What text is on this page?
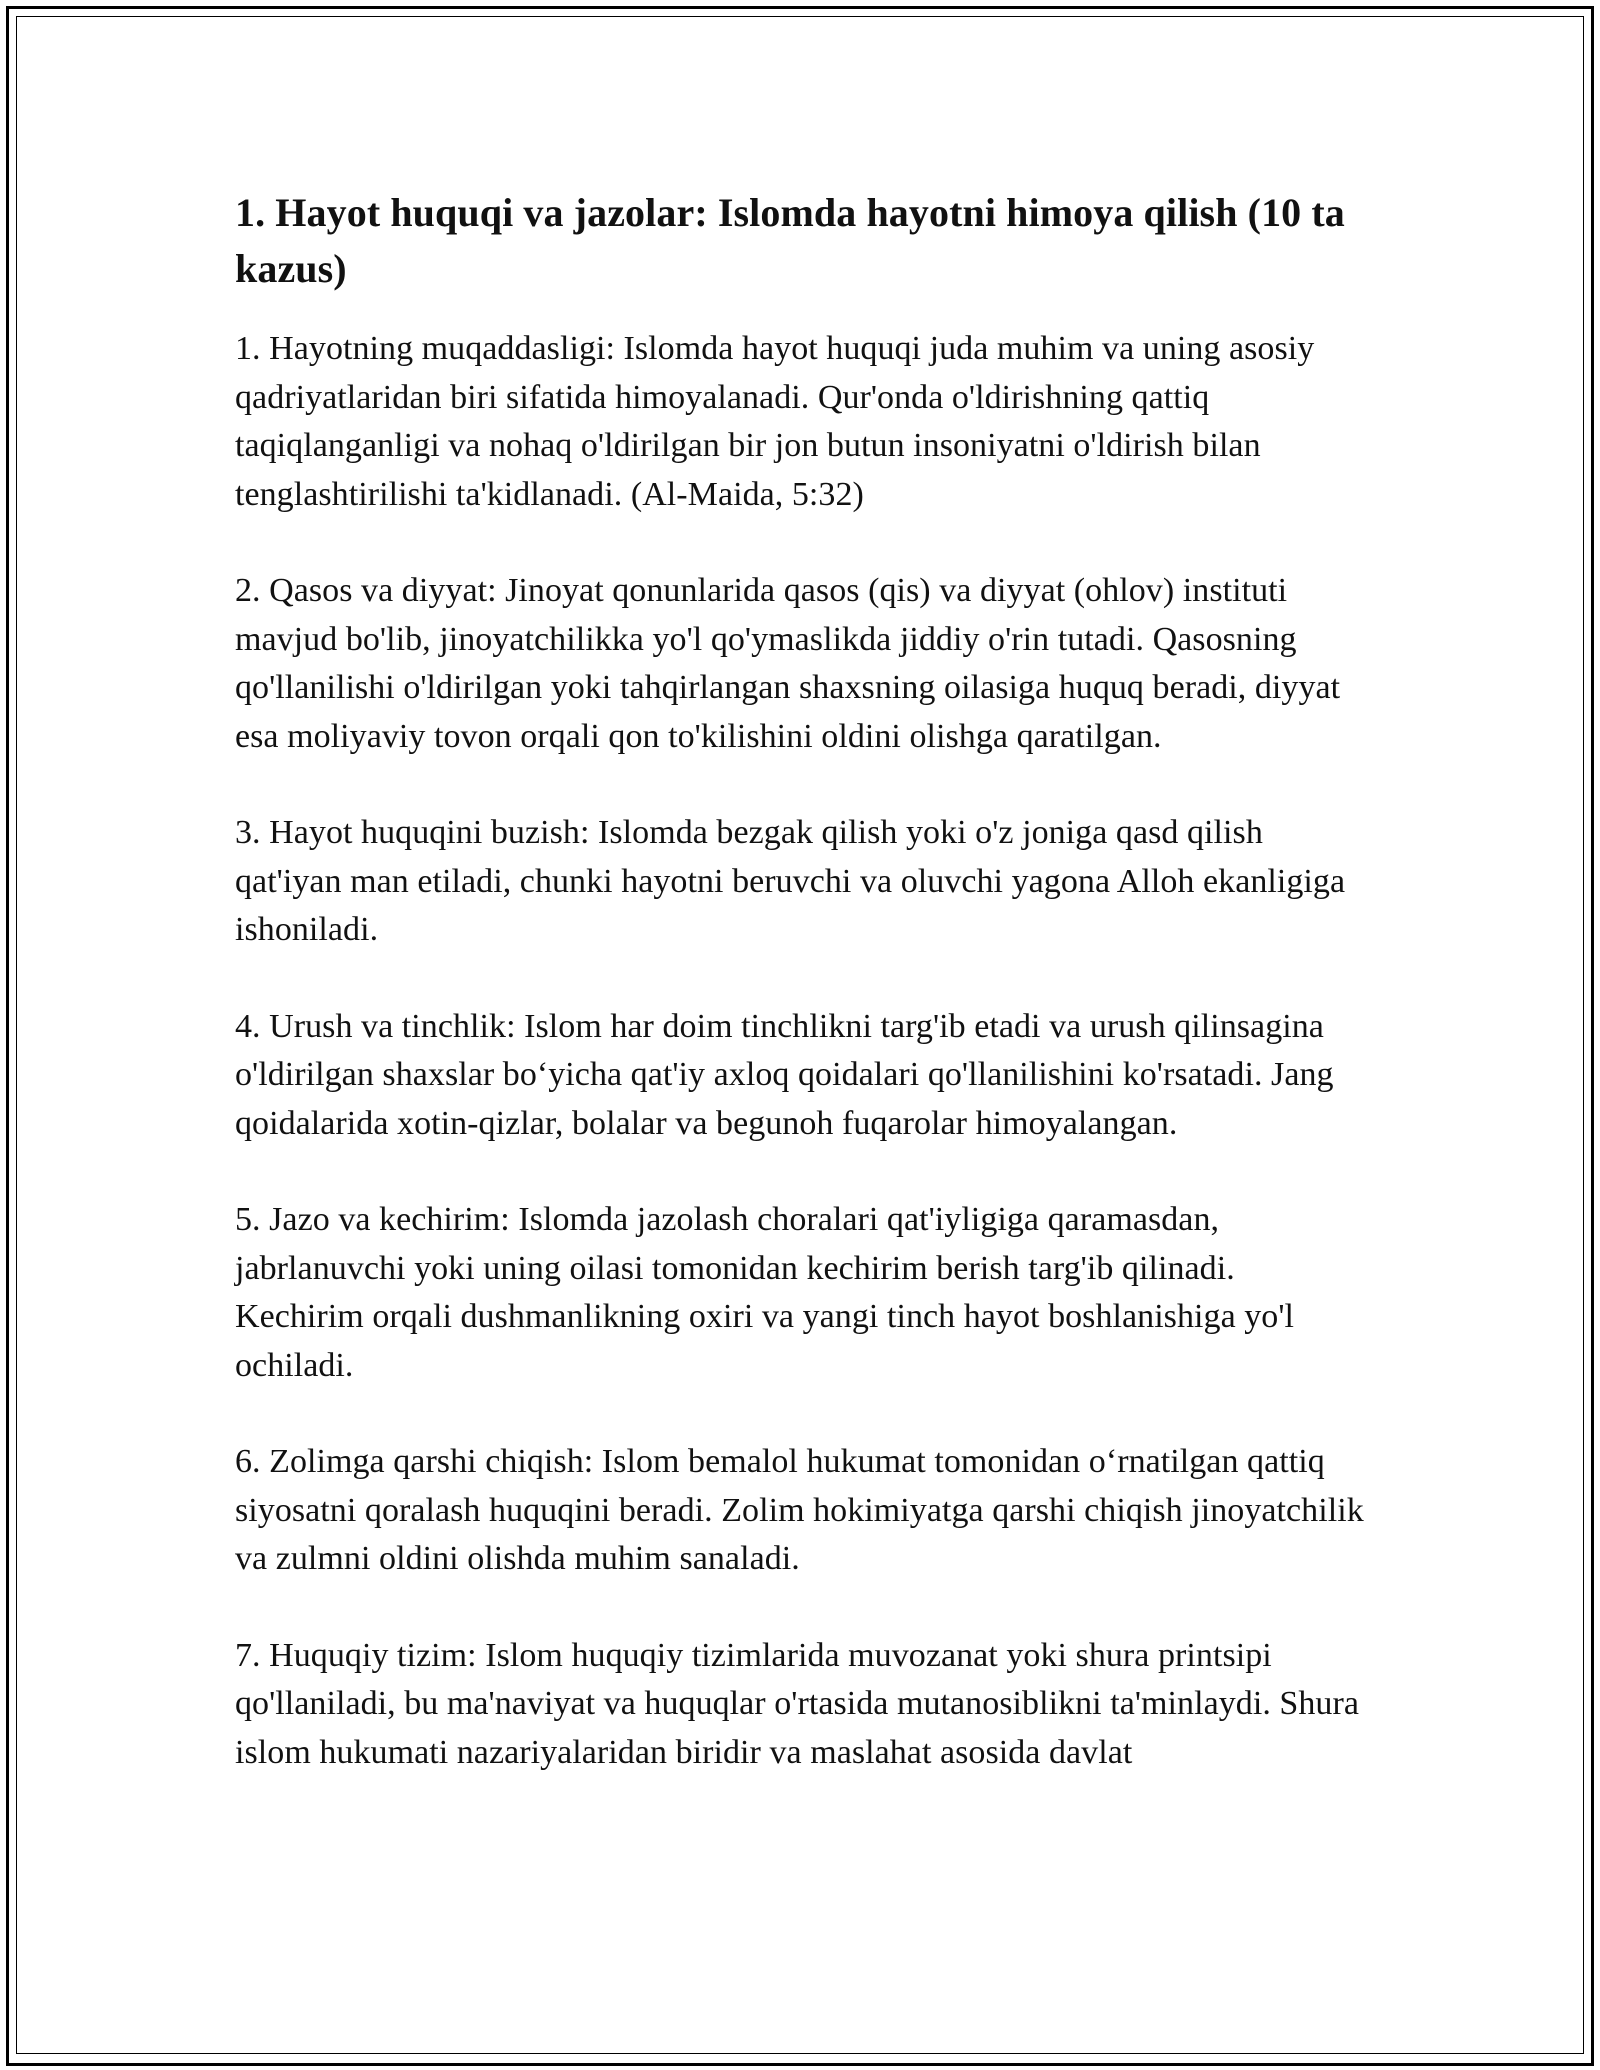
1. Hayot huquqi va jazolar: Islomda hayotni himoya qilish (10 ta kazus)

1. Hayotning muqaddasligi: Islomda hayot huquqi juda muhim va uning asosiy qadriyatlaridan biri sifatida himoyalanadi. Qur'onda o'ldirishning qattiq taqiqlanganligi va nohaq o'ldirilgan bir jon butun insoniyatni o'ldirish bilan tenglashtirilishi ta'kidlanadi. (Al-Maida, 5:32)

2. Qasos va diyyat: Jinoyat qonunlarida qasos (qis) va diyyat (ohlov) instituti mavjud bo'lib, jinoyatchilikka yo'l qo'ymaslikda jiddiy o'rin tutadi. Qasosning qo'llanilishi o'ldirilgan yoki tahqirlangan shaxsning oilasiga huquq beradi, diyyat esa moliyaviy tovon orqali qon to'kilishini oldini olishga qaratilgan.

3. Hayot huquqini buzish: Islomda bezgak qilish yoki o'z joniga qasd qilish qat'iyan man etiladi, chunki hayotni beruvchi va oluvchi yagona Alloh ekanligiga ishoniladi.

4. Urush va tinchlik: Islom har doim tinchlikni targ'ib etadi va urush qilinsagina o'ldirilgan shaxslar bo‘yicha qat'iy axloq qoidalari qo'llanilishini ko'rsatadi. Jang qoidalarida xotin-qizlar, bolalar va begunoh fuqarolar himoyalangan.

5. Jazo va kechirim: Islomda jazolash choralari qat'iyligiga qaramasdan, jabrlanuvchi yoki uning oilasi tomonidan kechirim berish targ'ib qilinadi. Kechirim orqali dushmanlikning oxiri va yangi tinch hayot boshlanishiga yo'l ochiladi.

6. Zolimga qarshi chiqish: Islom bemalol hukumat tomonidan o‘rnatilgan qattiq siyosatni qoralash huquqini beradi. Zolim hokimiyatga qarshi chiqish jinoyatchilik va zulmni oldini olishda muhim sanaladi.

7. Huquqiy tizim: Islom huquqiy tizimlarida muvozanat yoki shura printsipi qo'llaniladi, bu ma'naviyat va huquqlar o'rtasida mutanosiblikni ta'minlaydi. Shura islom hukumati nazariyalaridan biridir va maslahat asosida davlat
